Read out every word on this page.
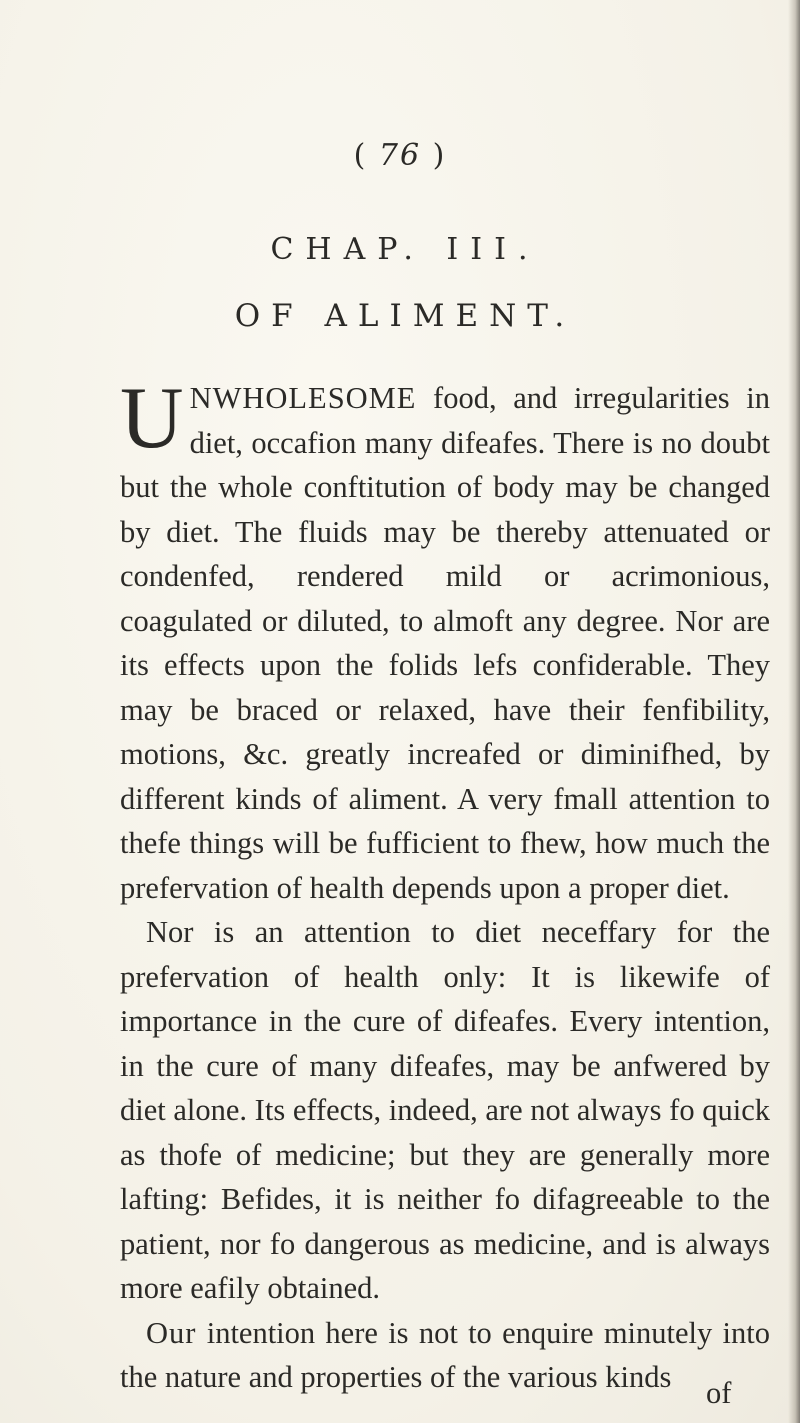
( 76 )
CHAP. III.
OF ALIMENT.

UNWHOLESOME food, and irregularities in diet, occafion many difeafes. There is no doubt but the whole conftitution of body may be changed by diet. The fluids may be thereby attenuated or condenfed, rendered mild or acrimonious, coagulated or diluted, to almoft any degree. Nor are its effects upon the folids lefs confiderable. They may be braced or relaxed, have their fenfibility, motions, &c. greatly increafed or diminifhed, by different kinds of aliment. A very fmall attention to thefe things will be fufficient to fhew, how much the prefervation of health depends upon a proper diet.

Nor is an attention to diet neceffary for the prefervation of health only: It is likewife of importance in the cure of difeafes. Every intention, in the cure of many difeafes, may be anfwered by diet alone. Its effects, indeed, are not always fo quick as thofe of medicine; but they are generally more lafting: Befides, it is neither fo difagreeable to the patient, nor fo dangerous as medicine, and is always more eafily obtained.

Our intention here is not to enquire minutely into the nature and properties of the various kinds	of
